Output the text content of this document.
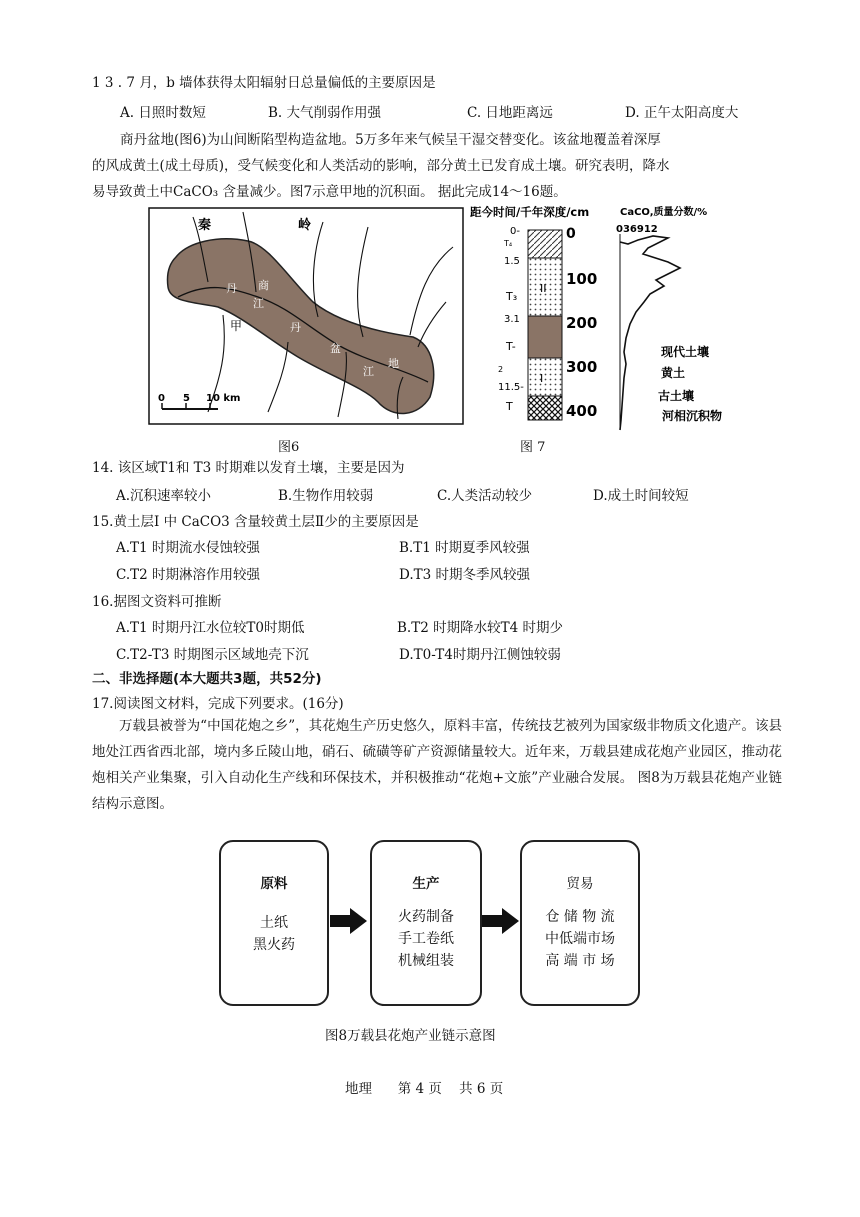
1 3 . 7 月，b 墙体获得太阳辐射日总量偏低的主要原因是
A. 日照时数短	B. 大气削弱作用强	C. 日地距离远	D. 正午太阳高度大
商丹盆地(图6)为山间断陷型构造盆地。5万多年来气候呈干湿交替变化。该盆地覆盖着深厚
的风成黄土(成土母质)，受气候变化和人类活动的影响，部分黄土已发育成土壤。研究表明，降水
易导致黄土中CaCO₃ 含量减少。图7示意甲地的沉积面。 据此完成14～16题。
秦	岭
丹
江
甲
商
丹
盆
地
江
0 5 10 km
图6
距今时间/千年深度/cm	CaCO,质量分数/%
036912
0-
1.5
3.1
2
11.5-
T₄
T₃
T-
T
II
I
0
100
200
300
400
现代土壤
黄土
古土壤
河相沉积物
图 7
14. 该区域T1和 T3 时期难以发育土壤，主要是因为
A.沉积速率较小	B.生物作用较弱	C.人类活动较少	D.成土时间较短
15.黄土层I 中 CaCO3 含量较黄土层Ⅱ少的主要原因是
A.T1 时期流水侵蚀较强	B.T1 时期夏季风较强
C.T2 时期淋溶作用较强	D.T3 时期冬季风较强
16.据图文资料可推断
A.T1 时期丹江水位较T0时期低	B.T2 时期降水较T4 时期少
C.T2-T3 时期图示区域地壳下沉	D.T0-T4时期丹江侧蚀较弱
二、非选择题(本大题共3题，共52分)
17.阅读图文材料，完成下列要求。(16分)
万载县被誉为“中国花炮之乡”，其花炮生产历史悠久，原料丰富，传统技艺被列为国家级非物质文化遗产。该县地处江西省西北部，境内多丘陵山地，硝石、硫磺等矿产资源储量较大。近年来，万载县建成花炮产业园区，推动花炮相关产业集聚，引入自动化生产线和环保技术，并积极推动“花炮+文旅”产业融合发展。 图8为万载县花炮产业链结构示意图。
原料
土纸
黑火药
生产
火药制备
手工卷纸
机械组装
贸易
仓 储 物 流
中低端市场
高 端 市 场
图8万载县花炮产业链示意图
地理      第 4 页    共 6 页
